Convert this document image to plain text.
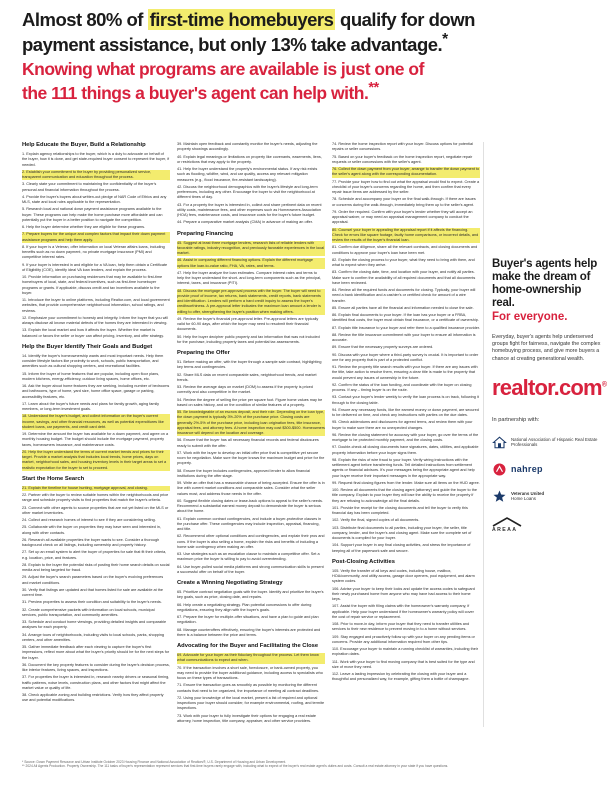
Almost 80% of first-time homebuyers qualify for down
payment assistance, but only 13% take advantage.*
Knowing what programs are available is just one of
the 111 things a buyer's agent can help with.**
Help Educate the Buyer, Build a Relationship
1. Explain agency relationships to the buyer, which is a duty to advocate on behalf of the buyer, how it is done, and get state-required buyer consent to represent the buyer, if needed.
2. Establish your commitment to the buyer by providing personalized service, transparent communication and education throughout the process.
3. Clearly state your commitment to maintaining the confidentiality of the buyer's personal and financial information throughout the process.
4. Provide the buyer's buyers about written-out pledge of NAR Code of Ethics and any MLS, state and local rules applicable to the representation.
5. Research local and national down payment assistance programs available to the buyer. These programs can help make the home purchase more affordable and can potentially put the buyer in a better position to navigate the competition.
6. Help the buyer determine whether they are eligible for these programs.
7. Prepare buyers for the unique and complex factors that impact their down payment assistance programs and help them apply.
8. If your buyer is a Veteran, offer information on local Veteran affairs loans, including benefits such as no down payment, no private mortgage insurance (PMI) and competitive interest rates.
9. If your buyer is interested in and eligible for a VA loan, help them obtain a Certificate of Eligibility (COE), identify ideal VA loan lenders, and explain the process.
10. Provide information on purchasing residences that may be available to first-time homebuyers of local, state, and federal incentives, such as first-time homebuyer programs or grants. If applicable, discuss credit and tax incentives available to the buyer.
11. Introduce the buyer to online platforms, including Realtor.com, and local government websites, that provide comprehensive neighborhood information, school ratings, and reviews.
12. Emphasize your commitment to honesty and integrity. Inform the buyer that you will always disclose all known material defects of the homes they are interested in viewing.
13. Explain the local market and how it affects the buyer. Whether the market is balanced or favors the seller or buyer can affect pricing, inventory, and offer strategy.
Help the Buyer Identify Their Goals and Budget
14. Identify the buyer's homeownership wants and most important needs. Help them consider lifestyle factors like proximity to work, schools, public transportation, and amenities such as cultural shopping centers, and recreational facilities.
15. Inform the buyer of home features that are popular, including open floor plans, modern kitchens, energy-efficiency, outdoor living spaces, home offices, etc.
16. Ask the buyer about home features they are seeking, including number of bedrooms and bathrooms, type of home, yard size, home office space, garage or parking, accessibility features, etc.
17. Learn about the buyer's future needs and plans for family growth, aging family members, or long-term investment goals.
18. Understand the buyer's budget, and collect information on the buyer's current income, savings, and other financial resources, as well as potential expenditures like student loans, car payments, and credit card debt.
19. Determine the amount the buyer has available for a down payment, and agree on a monthly housing budget. The budget should include the mortgage payment, property taxes, homeowners insurance, and maintenance costs.
20. Help the buyer understand the terms of current market trends and prices for their target. Provide a market analysis that includes local trends, home prices, days on market, neighborhood sales, and housing inventory levels in their target areas to set a realistic expectation for the buyer to set to proceed.
Start the Home Search
21. Explain the timeline for house hunting, mortgage approval, and closing.
22. Partner with the buyer to review suitable homes within the neighborhoods and price range and schedule property visits to find properties that match the buyer's criteria.
23. Connect with other agents to source properties that are not yet listed on the MLS or other market inventories.
24. Collect and research homes of interest to see if they are considering selling.
25. Collaborate with the buyer on properties they may have seen and interested in, along with other contacts.
26. Research all available properties the buyer wants to see. Consider a thorough background check on all listings, including ownership and property history.
27. Set up an email system to alert the buyer of properties for sale that fit their criteria, e.g. location, price, and features.
28. Explain to the buyer the potential risks of posting their home search details on social media and being targeted for fraud.
29. Adjust the buyer's search parameters based on the buyer's evolving preferences and market conditions.
30. Verify that listings are updated and that homes listed for sale are available at the current time.
31. Preview properties to assess their condition and suitability to the buyer's needs.
32. Create comprehensive packets with information on local schools, municipal services, public transportation, and community amenities.
33. Schedule and conduct home viewings, providing detailed insights and comparable analyses for each property.
34. Arrange tours of neighborhoods, including visits to local schools, parks, shopping centers, and other amenities.
35. Gather immediate feedback after each viewing to capture the buyer's first impressions, reflect more about what the buyer's priority should be for the next steps for the buyer.
36. Document the key property features to consider during the buyer's decision process, like interior features, living spaces, and inspections.
37. For properties the buyer is interested in, research nearby drivers or seasonal timing, traffic patterns, noise levels, construction plans, and other factors that might affect the market value or quality of life.
38. Check applicable zoning and building restrictions. Verify how they affect property use and potential modifications.
39. Maintain open feedback and constantly monitor the buyer's needs, adjusting the property showings accordingly.
40. Explain legal meanings or limitations on property like covenants, easements, liens, or restrictions that may apply to the property.
41. Help the buyer understand the property's environmental status. If any risk exists such as flooding, wildfire, wind, and car quality, access any relevant mitigation measures (e.g., flood insurance, fire-resistant landscaping).
42. Discuss the neighborhood demographics with the buyer's lifestyle and long-term preferences, including any other. Encourage the buyer to visit the neighborhood at different times of day.
43. For a property the buyer is interested in, collect and share pertinent data on recent utility costs, maintenance fees, and other expenses such as Homeowners Association (HOA) fees, maintenance costs, and insurance costs for the buyer's future budget.
44. Prepare a comparative market analysis (CMA) in advance of making an offer.
Preparing Financing
45. Suggest at least three mortgage lenders, research lists of reliable lenders with favorable ratings, industry recognition, and previously favorable experiences in the local market.
46. Assist in comparing different financing options. Explain the different mortgage options like loan-to-value ratio, FHA, VA, rates, and terms.
47. Help the buyer analyze the loan estimates. Compare interest rates and terms to help the buyer understand the short- and long-term components such as the principal, interest, taxes, and insurance (PITI).
48. Discuss the mortgage pre-approval process with the buyer. The buyer will need to provide proof of income, tax returns, bank statements, credit reports, bank statements and identification. Lenders will perform a hard credit inquiry to assess the buyer's creditworthiness. A pre-approval letter indicates the maximum loan amount a lender is willing to offer, strengthening the buyer's position when making offers.
49. Review the buyer's financial pre-approval letter. Pre-approval letters are typically valid for 60-90 days, after which the buyer may need to resubmit their financial documents.
50. Help the buyer decipher public property and tax information that was not included for the purchase, including property taxes and potential tax assessments.
Preparing the Offer
51. Before making an offer, with the buyer through a sample sale contract, highlighting key terms and contingencies.
52. Share MLS data on recent comparable sales, neighborhood trends, and market trends.
53. Review the average days on market (DOM) to assess if the property is priced correctly and also competitive in the market.
54. Review the degree of selling the price per square foot. Figure home values may be based on sales history, and on the condition of similar features of a property.
55. Be knowledgeable of an escrow deposit, and their role. Depending on the loan type, the down payment is typically 3%-20% of the purchase price. Closing costs are generally 2%-5% of the purchase price, including loan origination fees, title insurance, appraisal fees, and attorney fees. A home inspection may cost $300-$500. Homeowners insurance will depend on the location and coverage.
56. Ensure that the buyer has all necessary financial records and federal disclosures ready to submit with the offer.
57. Work with the buyer to develop an initial offer price that is competitive yet secure room for negotiation. Make sure the buyer knows the maximum budget and price for the property.
58. Ensure the buyer includes contingencies, approved lender to allow financial institutions during the offer stage.
59. Write an offer that has a reasonable chance of being accepted. Ensure the offer is in line with current market conditions and comparable sales. Consider what the seller values most, and address those needs in the offer.
60. Suggest flexible closing dates or lease-back options to appeal to the seller's needs. Recommend a substantial earnest money deposit to demonstrate the buyer is serious about the home.
61. Explain common contract contingencies, and include a buyer-protective clauses in the purchase offer. These contingencies may include inspection, appraisal, financing, and title.
62. Recommend other optional conditions and contingencies, and explain their pros and cons. If the buyer is also selling a home, explain the risks and benefits of including a home sale contingency when making an offer.
63. Use strategies such as an escalation clause to maintain a competitive offer. Set a maximum price the buyer is willing to pay to avoid overextending.
64. Use buyer-pulled social media platforms and strong communication skills to present a successful offer on behalf of the buyer.
Create a Winning Negotiating Strategy
65. Prioritize contract negotiation goals with the buyer. Identify and prioritize the buyer's key goals, such as price, closing date, and repairs.
66. Help create a negotiating strategy. Plan potential concessions to offer during negotiations, ensuring they align with the buyer's goals.
67. Prepare the buyer for multiple-offer situations, and have a plan to guide and plan negotiation.
68. Manage counteroffers effectively, ensuring the buyer's interests are protected and there is a balance between the price and terms.
Advocating for the Buyer and Facilitating the Close
69. Advocate for your buyer as their fiduciary throughout the process. Let them know what communications to expect and when.
70. If the transaction involves a short sale, foreclosure, or bank-owned property, you may need to provide the buyer additional guidance, including access to specialists who focus on these types of transactions.
71. Ensure the transaction goes as smoothly as possible by monitoring the different contacts that need to be organized, the importance of meeting all contract deadlines.
72. Using your knowledge of the local market, present a list of required and optional inspections your buyer should consider, for example environmental, roofing, and termite inspections.
73. Work with your buyer to fully investigate their options for engaging a real estate attorney, home inspection, title company, appraiser, and other service providers.
74. Review the home inspection report with your buyer. Discuss options for potential repairs or seller concessions.
75. Based on your buyer's feedback on the home inspection report, negotiate repair requests or seller concessions with the seller's agent.
76. Collect the down payment from your buyer, arrange to transfer the down payment to the seller's agent along with the corresponding documentation.
77. Provide your buyer how to find out what the appraisal would find to expect. Create a checklist of your buyer's concerns regarding the home, and then confirm that every repair issue items are addressed by the seller.
78. Schedule and accompany your buyer on the final walk-through. If there are issues or concerns during the walk-through, immediately bring them up to the seller's agent.
79. Order the required. Confirm with your buyer's lender whether they will accept an appraisal waiver, or may need an appraisal management company to conduct the appraisal.
80. Counsel your buyer in appealing the appraisal report if it affects the financing. Check for errors like square footage, faulty home comparisons, or incorrect details, and review the results of the buyer's financial loan.
81. Confirm due diligence, share all the relevant contracts, and closing documents and conditions to approve your buyer's loan have been met.
82. Explain the closing process to your buyer, what they need to bring with them, and what to expect when they arrive.
83. Confirm the closing date, time, and location with your buyer, and notify all parties. Make sure to confirm the availability of all required documents and that all documents have been reviewed.
84. Review all the required funds and documents for closing. Typically, your buyer will need a bank identification and a cashier's or certified check for amount of a wire transfer.
85. Ensure all parties have all the financial and information needed to close the sale.
86. Explain final documents to your buyer. If the loan has your buyer or a FRBA, identified final costs, the buyer must obtain final insurance, or a certificate of ownership.
87. Explain title insurance to your buyer and refer them to a qualified insurance provider.
88. Review the title insurance commitment with your buyer to ensure all information is accurate.
89. Ensure that the necessary property surveys are ordered.
90. Discuss with your buyer where a third-party survey is crucial. It is important to order one for any property that is part of a protected conflict.
91. Review the property title search results with your buyer. If there are any issues with the title, take action to resolve them, ensuring a clear title is made to the property that would prevent any issues of ownership in the future.
92. Confirm the status of the loan funding, and coordinate with the buyer on closing process. If any – timing buyer is on the route.
93. Contact your buyer's lender weekly to verify the loan process is on track, following it through to the closing table.
94. Ensure any necessary funds, like the earnest money or down payment, are secured to be delivered on time, and check any instructions with parties on the due dates.
95. Check addendums and disclosures for agreed terms, and review them with your buyer to make sure there are no unexpected changes.
96. Review the closing statement for accuracy with your buyer, go over the terms of the mortgage to be protected monthly payment, and the closing costs.
97. Double-check all closing documents have signatures, dates, utilities, and applicable property information before your buyer signs them.
98. Explain the risks of wire fraud to your buyer. Verify wiring instructions with the settlement agent before transferring funds. Tell detailed instructions from settlement agents or financial advisors. It's your messages being the appropriate agent and help your buyer receive their important messages in the appropriate way.
99. Request final closing figures from the lender. Make sure all items on the HUD agree.
100. Review all documents that the closing agent (attorney) and guide the buyer to the title company. Explain to your buyer they will lose the ability to receive the property if they are refusing to acknowledge all the final details.
101. Provide the receipt for the closing documents and tell the buyer to verify this financial day has been completed.
102. Verify the final, signed copies of all documents.
103. Distribute final documents to all parties, including your buyer, the seller, title company, lender, and the buyer's and closing agent. Make sure the complete set of documents is compiled for your buyer.
104. Support your buyer in any final closing activities, and stress the importance of keeping all of the paperwork safe and secure.
Post-Closing Activities
105. Verify the transfer of all keys and codes, including house, mailbox, HOA/community, and utility access, garage door openers, pool equipment, and alarm system codes.
106. Advise your buyer to keep their locks and update the access codes to safeguard their newly purchased home from anyone who may have had access to their home keys.
107. Assist the buyer with filing claims with the homeowner's warranty company, if applicable. Help your buyer understand if the homeowner's warranty policy will cover the cost of repair service or replacement.
108. Prior to move-in day, inform your buyer that they need to transfer utilities and services to their new residence to prevent moving in to a home without services.
109. Stay engaged and proactively follow up with your buyer on any pending items or concerns. Provide any additional information required from other tips.
110. Encourage your buyer to maintain a running checklist of warranties, including their expiration dates.
111. Work with your buyer to find moving company that is best suited for the type and size of move they need.
112. Leave a lasting impression by celebrating the closing with your buyer and a thoughtful and personalized way, for example, gifting them a bottle of champagne.
Buyer's agents help make the dream of home-ownership real.
For everyone.
Everyday, buyer's agents help underserved groups fight for fairness, navigate the complex homebuying process, and give more buyers a chance at creating generational wealth.
realtor.com®
In partnership with:
National Association of Hispanic Real Estate Professionals
nahrep
Veterans United
Home Loans
AREAA
* Source: Down Payment Resource and Urban Institute October 2023 Housing Finance and National Association of Realtors®, U.S. Department of Housing and Urban Development.
** 2024 All Agents Production. Property Ownership. The 111 tasks of buyer's representation represent services that first-time buyers rarely engage with, including what to expect of the buyer's real estate agent's duties and costs. Consult a real estate attorney in your state if you have questions.
